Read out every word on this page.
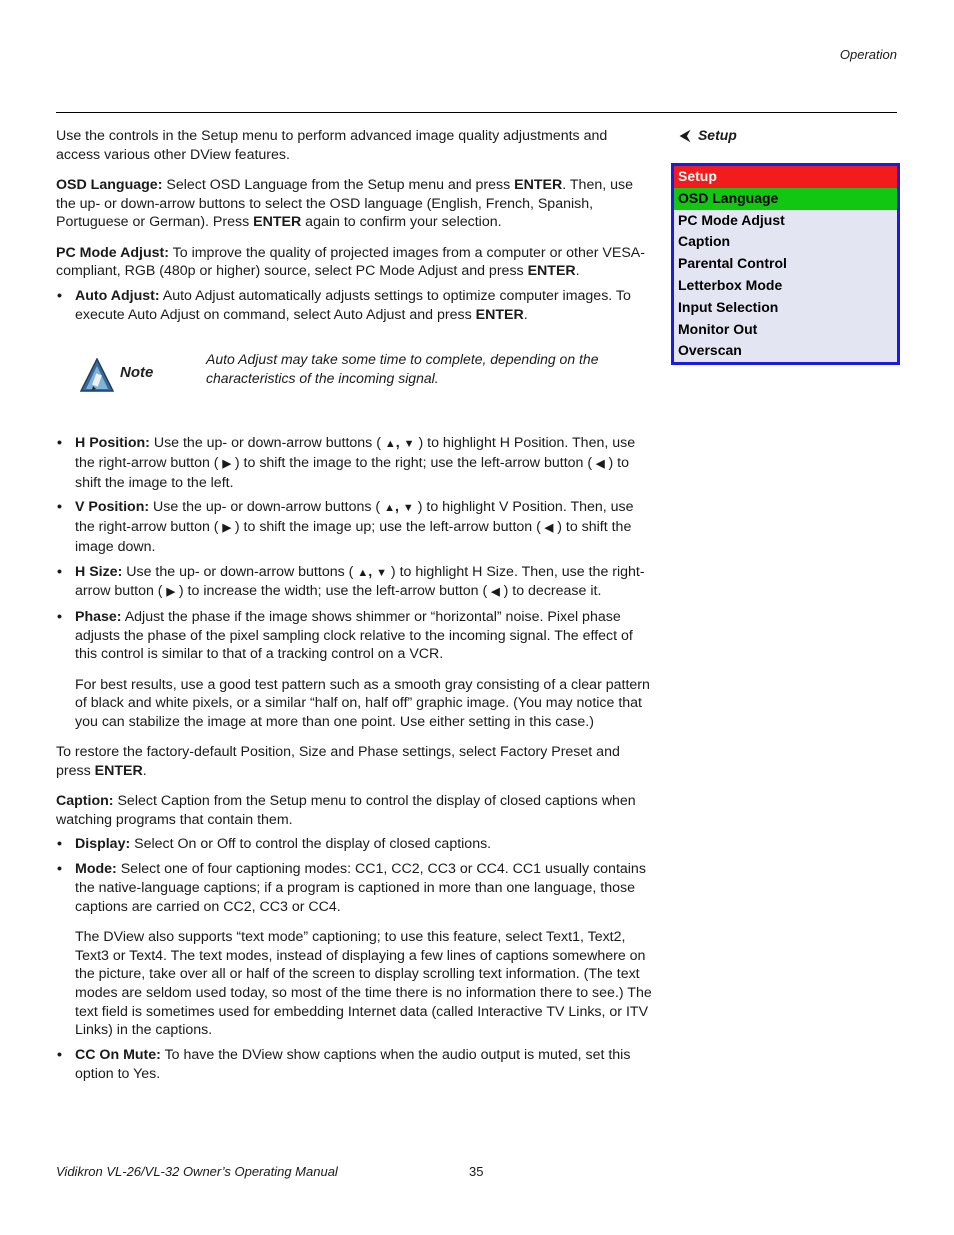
Operation

Use the controls in the Setup menu to perform advanced image quality adjustments and access various other DView features.

OSD Language: Select OSD Language from the Setup menu and press ENTER. Then, use the up- or down-arrow buttons to select the OSD language (English, French, Spanish, Portuguese or German). Press ENTER again to confirm your selection.

PC Mode Adjust: To improve the quality of projected images from a computer or other VESA-compliant, RGB (480p or higher) source, select PC Mode Adjust and press ENTER.

• Auto Adjust: Auto Adjust automatically adjusts settings to optimize computer images. To execute Auto Adjust on command, select Auto Adjust and press ENTER.
Note
Auto Adjust may take some time to complete, depending on the characteristics of the incoming signal.
• H Position: Use the up- or down-arrow buttons ( ▲, ▼ ) to highlight H Position. Then, use the right-arrow button ( ▶ ) to shift the image to the right; use the left-arrow button ( ◀ ) to shift the image to the left.
• V Position: Use the up- or down-arrow buttons ( ▲, ▼ ) to highlight V Position. Then, use the right-arrow button ( ▶ ) to shift the image up; use the left-arrow button ( ◀ ) to shift the image down.
• H Size: Use the up- or down-arrow buttons ( ▲, ▼ ) to highlight H Size. Then, use the right-arrow button ( ▶ ) to increase the width; use the left-arrow button ( ◀ ) to decrease it.
• Phase: Adjust the phase if the image shows shimmer or “horizontal” noise. Pixel phase adjusts the phase of the pixel sampling clock relative to the incoming signal. The effect of this control is similar to that of a tracking control on a VCR.

For best results, use a good test pattern such as a smooth gray consisting of a clear pattern of black and white pixels, or a similar “half on, half off” graphic image. (You may notice that you can stabilize the image at more than one point. Use either setting in this case.)

To restore the factory-default Position, Size and Phase settings, select Factory Preset and press ENTER.

Caption: Select Caption from the Setup menu to control the display of closed captions when watching programs that contain them.

• Display: Select On or Off to control the display of closed captions.
• Mode: Select one of four captioning modes: CC1, CC2, CC3 or CC4. CC1 usually contains the native-language captions; if a program is captioned in more than one language, those captions are carried on CC2, CC3 or CC4.

The DView also supports “text mode” captioning; to use this feature, select Text1, Text2, Text3 or Text4. The text modes, instead of displaying a few lines of captions somewhere on the picture, take over all or half of the screen to display scrolling text information. (The text modes are seldom used today, so most of the time there is no information there to see.) The text field is sometimes used for embedding Internet data (called Interactive TV Links, or ITV Links) in the captions.

• CC On Mute: To have the DView show captions when the audio output is muted, set this option to Yes.
⮜ Setup
Setup
OSD Language
PC Mode Adjust
Caption
Parental Control
Letterbox Mode
Input Selection
Monitor Out
Overscan
Vidikron VL-26/VL-32 Owner’s Operating Manual	35
